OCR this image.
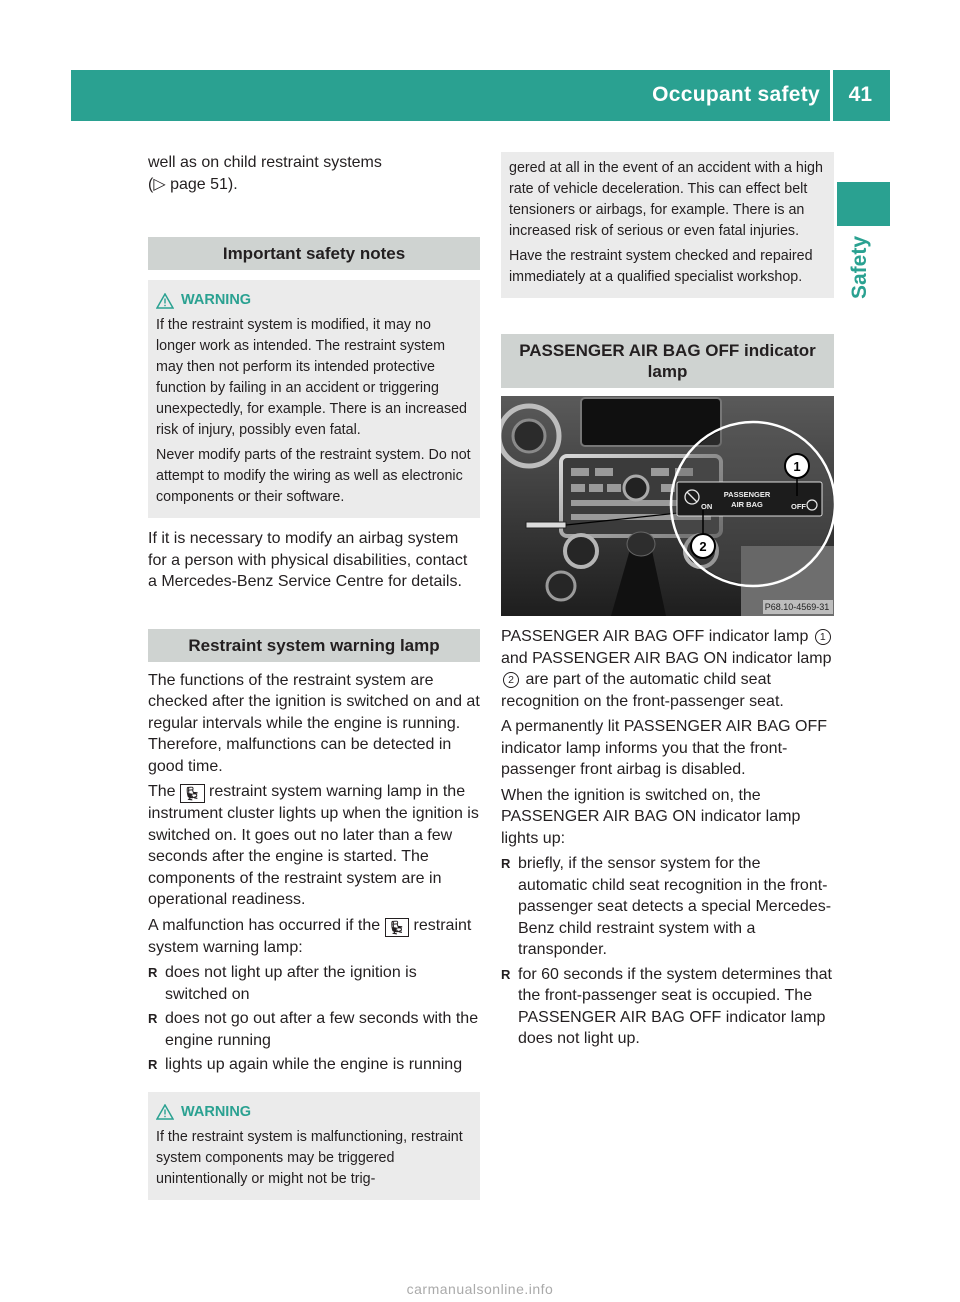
Occupant safety 41
Safety

well as on child restraint systems
(▷ page 51).

Important safety notes
WARNING

If the restraint system is modified, it may no longer work as intended. The restraint system may then not perform its intended protective function by failing in an accident or triggering unexpectedly, for example. There is an increased risk of injury, possibly even fatal.

Never modify parts of the restraint system. Do not attempt to modify the wiring as well as electronic components or their software.

If it is necessary to modify an airbag system for a person with physical disabilities, contact a Mercedes-Benz Service Centre for details.

Restraint system warning lamp

The functions of the restraint system are checked after the ignition is switched on and at regular intervals while the engine is running. Therefore, malfunctions can be detected in good time.

The 💺︎ restraint system warning lamp in the instrument cluster lights up when the ignition is switched on. It goes out no later than a few seconds after the engine is started. The components of the restraint system are in operational readiness.

A malfunction has occurred if the 💺︎ restraint system warning lamp:

R does not light up after the ignition is switched on
R does not go out after a few seconds with the engine running
R lights up again while the engine is running
WARNING

If the restraint system is malfunctioning, restraint system components may be triggered unintentionally or might not be trig-

gered at all in the event of an accident with a high rate of vehicle deceleration. This can effect belt tensioners or airbags, for example. There is an increased risk of serious or even fatal injuries.

Have the restraint system checked and repaired immediately at a qualified specialist workshop.

PASSENGER AIR BAG OFF indicator lamp
ON
PASSENGER
AIR BAG	OFF
1
2
P68.10-4569-31

PASSENGER AIR BAG OFF indicator lamp 1 and PASSENGER AIR BAG ON indicator lamp 2 are part of the automatic child seat recognition on the front-passenger seat.

A permanently lit PASSENGER AIR BAG OFF indicator lamp informs you that the front-passenger front airbag is disabled.

When the ignition is switched on, the PASSENGER AIR BAG ON indicator lamp lights up:

R briefly, if the sensor system for the automatic child seat recognition in the front-passenger seat detects a special Mercedes-Benz child restraint system with a transponder.
R for 60 seconds if the system determines that the front-passenger seat is occupied. The PASSENGER AIR BAG OFF indicator lamp does not light up.
carmanualsonline.info
